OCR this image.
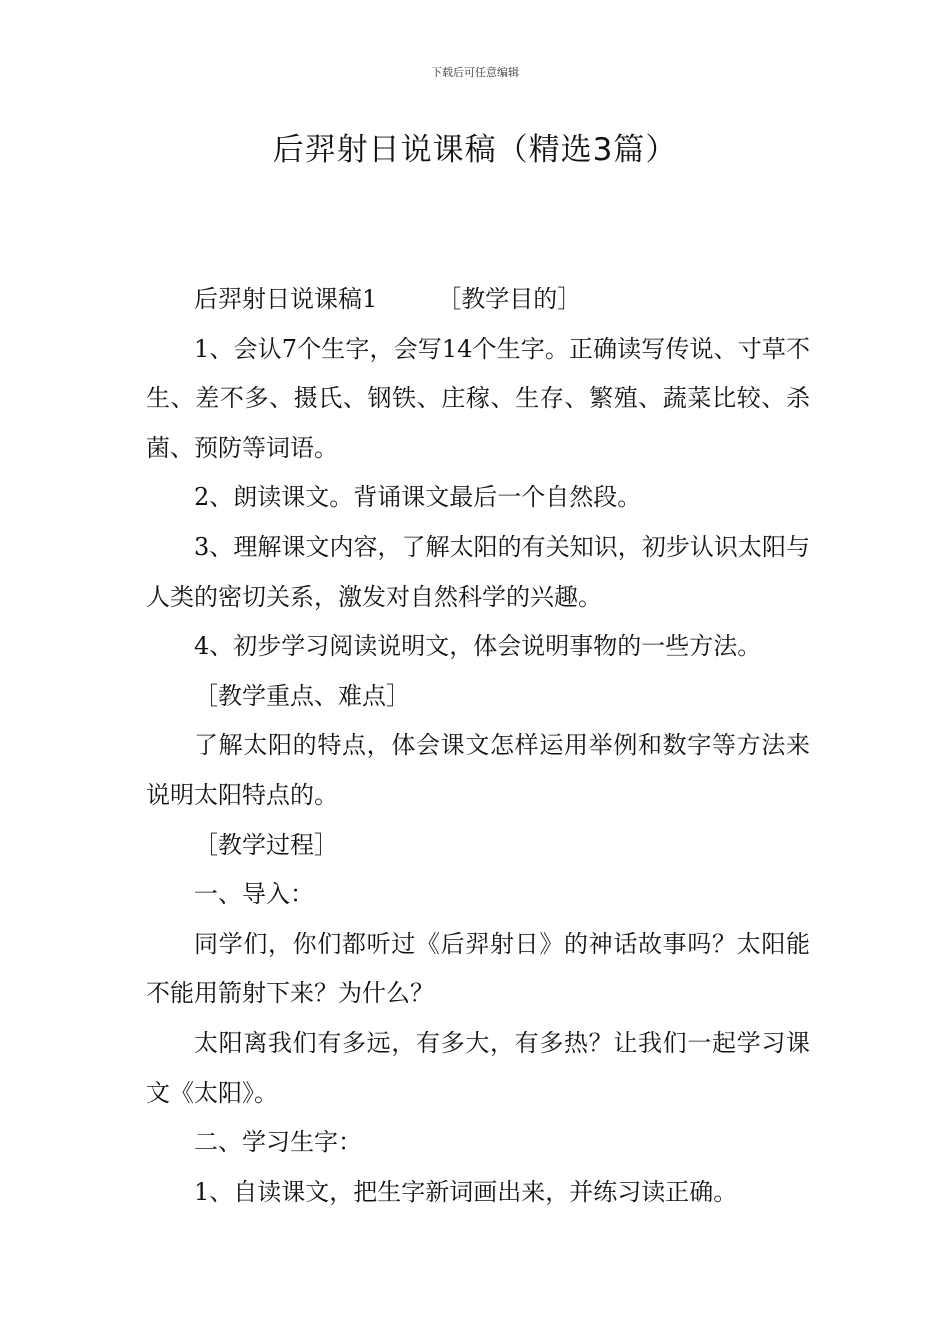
下载后可任意编辑
后羿射日说课稿（精选3篇）

后羿射日说课稿1	［教学目的］

1、会认7个生字，会写14个生字。正确读写传说、寸草不生、差不多、摄氏、钢铁、庄稼、生存、繁殖、蔬菜比较、杀菌、预防等词语。

2、朗读课文。背诵课文最后一个自然段。

3、理解课文内容，了解太阳的有关知识，初步认识太阳与人类的密切关系，激发对自然科学的兴趣。

4、初步学习阅读说明文，体会说明事物的一些方法。

［教学重点、难点］

了解太阳的特点，体会课文怎样运用举例和数字等方法来说明太阳特点的。

［教学过程］

一、导入：

同学们，你们都听过《后羿射日》的神话故事吗？太阳能不能用箭射下来？为什么？

太阳离我们有多远，有多大，有多热？让我们一起学习课文《太阳》。

二、学习生字：

1、自读课文，把生字新词画出来，并练习读正确。
